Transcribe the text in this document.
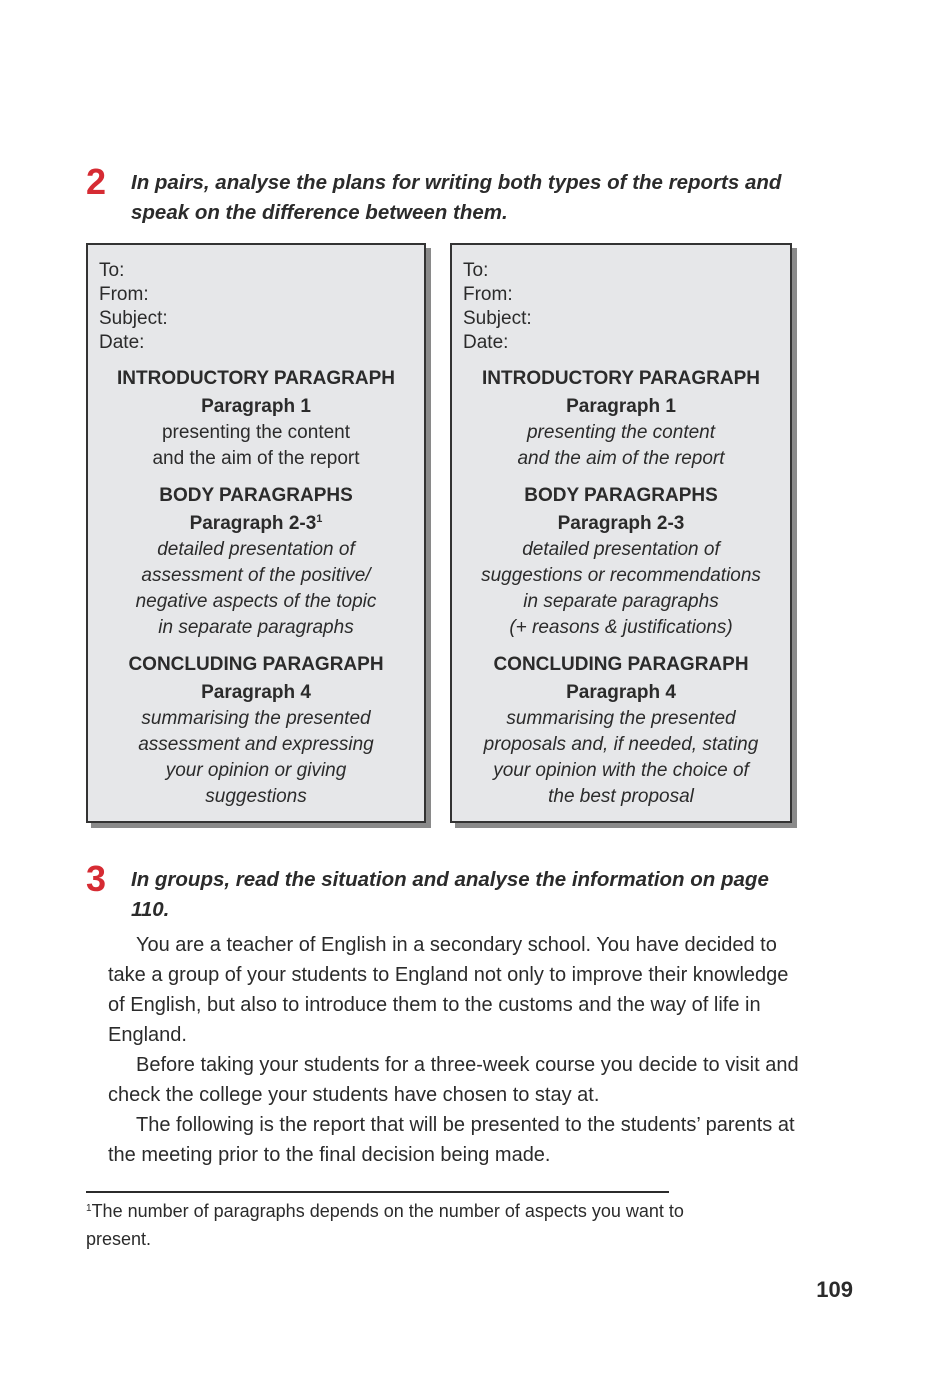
2 In pairs, analyse the plans for writing both types of the reports and speak on the difference between them.
To:
From:
Subject:
Date:
INTRODUCTORY PARAGRAPH
Paragraph 1
presenting the content
and the aim of the report
BODY PARAGRAPHS
Paragraph $2-3^1$
detailed presentation of
assessment of the positive/
negative aspects of the topic
in separate paragraphs
CONCLUDING PARAGRAPH
Paragraph 4
summarising the presented
assessment and expressing
your opinion or giving
suggestions
To:
From:
Subject:
Date:
INTRODUCTORY PARAGRAPH
Paragraph 1
presenting the content
and the aim of the report
BODY PARAGRAPHS
Paragraph 2-3
detailed presentation of
suggestions or recommendations
in separate paragraphs
(+ reasons & justifications)
CONCLUDING PARAGRAPH
Paragraph 4
summarising the presented
proposals and, if needed, stating
your opinion with the choice of
the best proposal
3 In groups, read the situation and analyse the information on page 110.

You are a teacher of English in a secondary school. You have decided to take a group of your students to England not only to improve their knowledge of English, but also to introduce them to the customs and the way of life in England.

Before taking your students for a three-week course you decide to visit and check the college your students have chosen to stay at.

The following is the report that will be presented to the students’ parents at the meeting prior to the final decision being made.

$^1$The number of paragraphs depends on the number of aspects you want to present.
109
